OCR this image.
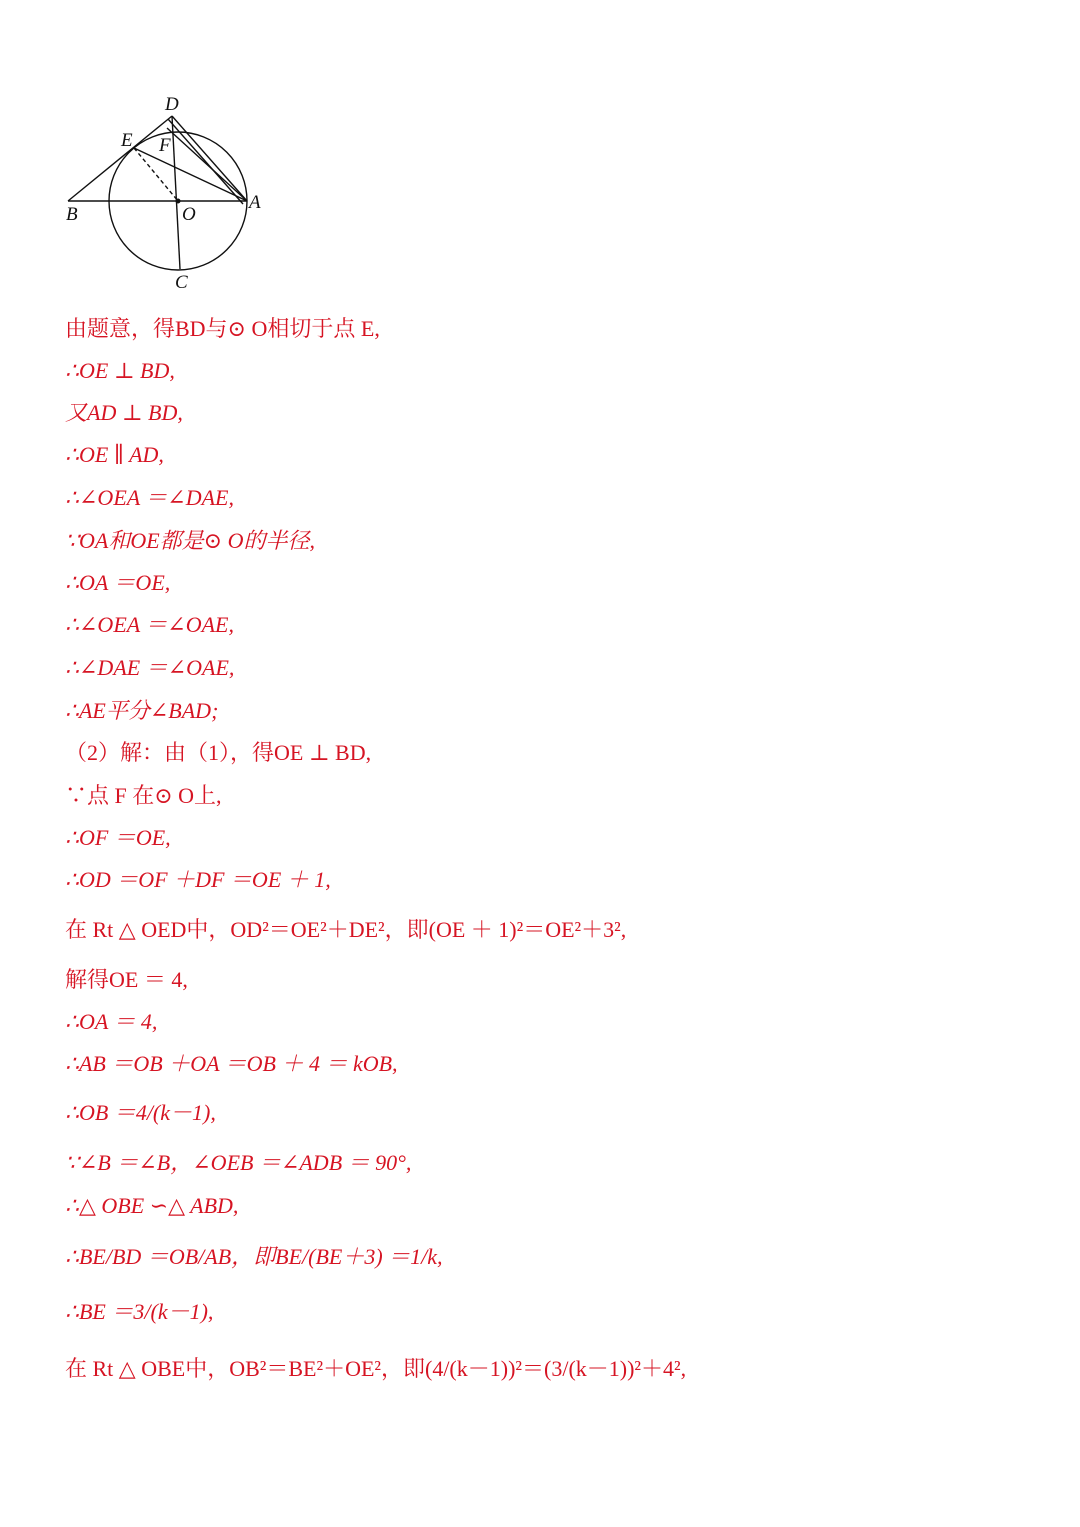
D
E F
B	O
A
C
由题意，得BD与⊙ O相切于点 E,
∴OE ⊥ BD,
又AD ⊥ BD,
∴OE ∥ AD,
∴∠OEA ＝∠DAE,
∵OA和OE都是⊙ O的半径,
∴OA ＝OE,
∴∠OEA ＝∠OAE,
∴∠DAE ＝∠OAE,
∴AE平分∠BAD;
（2）解：由（1），得OE ⊥ BD,
∵点 F 在⊙ O上,
∴OF ＝OE,
∴OD ＝OF ＋DF ＝OE ＋ 1,
在 Rt △ OED中，OD²＝OE²＋DE²，即(OE ＋ 1)²＝OE²＋3²,
解得OE ＝ 4,
∴OA ＝ 4,
∴AB ＝OB ＋OA ＝OB ＋ 4 ＝ kOB,
∴OB ＝4/(k－1),
∵∠B ＝∠B，∠OEB ＝∠ADB ＝ 90°,
∴△ OBE ∽△ ABD,
∴BE/BD ＝OB/AB，即BE/(BE＋3) ＝1/k,
∴BE ＝3/(k－1),
在 Rt △ OBE中，OB²＝BE²＋OE²，即(4/(k－1))²＝(3/(k－1))²＋4²,
